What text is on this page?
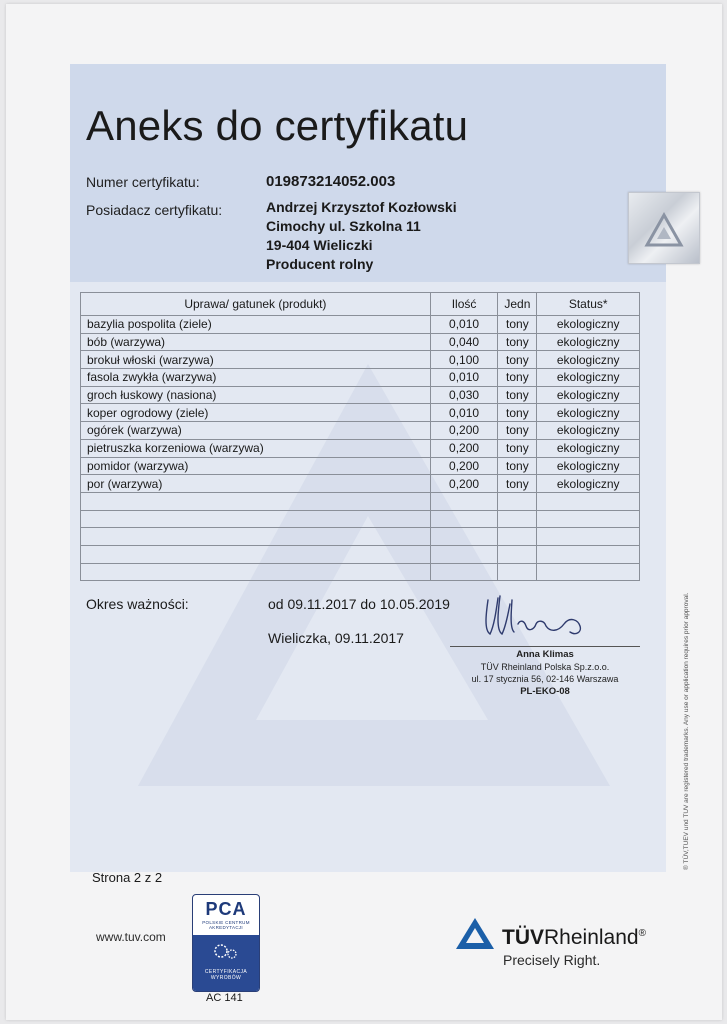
Aneks do certyfikatu
Numer certyfikatu:	019873214052.003
Posiadacz certyfikatu:	Andrzej Krzysztof Kozłowski
Cimochy ul. Szkolna 11
19-404 Wieliczki
Producent rolny
Uprawa/ gatunek (produkt)	Ilość	Jedn	Status*
bazylia pospolita (ziele)	0,010	tony	ekologiczny
bób (warzywa)	0,040	tony	ekologiczny
brokuł włoski (warzywa)	0,100	tony	ekologiczny
fasola zwykła (warzywa)	0,010	tony	ekologiczny
groch łuskowy (nasiona)	0,030	tony	ekologiczny
koper ogrodowy (ziele)	0,010	tony	ekologiczny
ogórek (warzywa)	0,200	tony	ekologiczny
pietruszka korzeniowa (warzywa)	0,200	tony	ekologiczny
pomidor (warzywa)	0,200	tony	ekologiczny
por (warzywa)	0,200	tony	ekologiczny

Okres ważności:	od 09.11.2017 do 10.05.2019
Wieliczka, 09.11.2017
Anna Klimas
TÜV Rheinland Polska Sp.z.o.o.
ul. 17 stycznia 56, 02-146 Warszawa
PL-EKO-08
Strona 2 z 2
www.tuv.com
PCA
POLSKIE CENTRUM
AKREDYTACJI
CERTYFIKACJA
WYROBÓW
AC 141
TÜVRheinland®
Precisely Right.
® TÜV,TUEV und TUV are registered trademarks. Any use or application requires prior approval.
